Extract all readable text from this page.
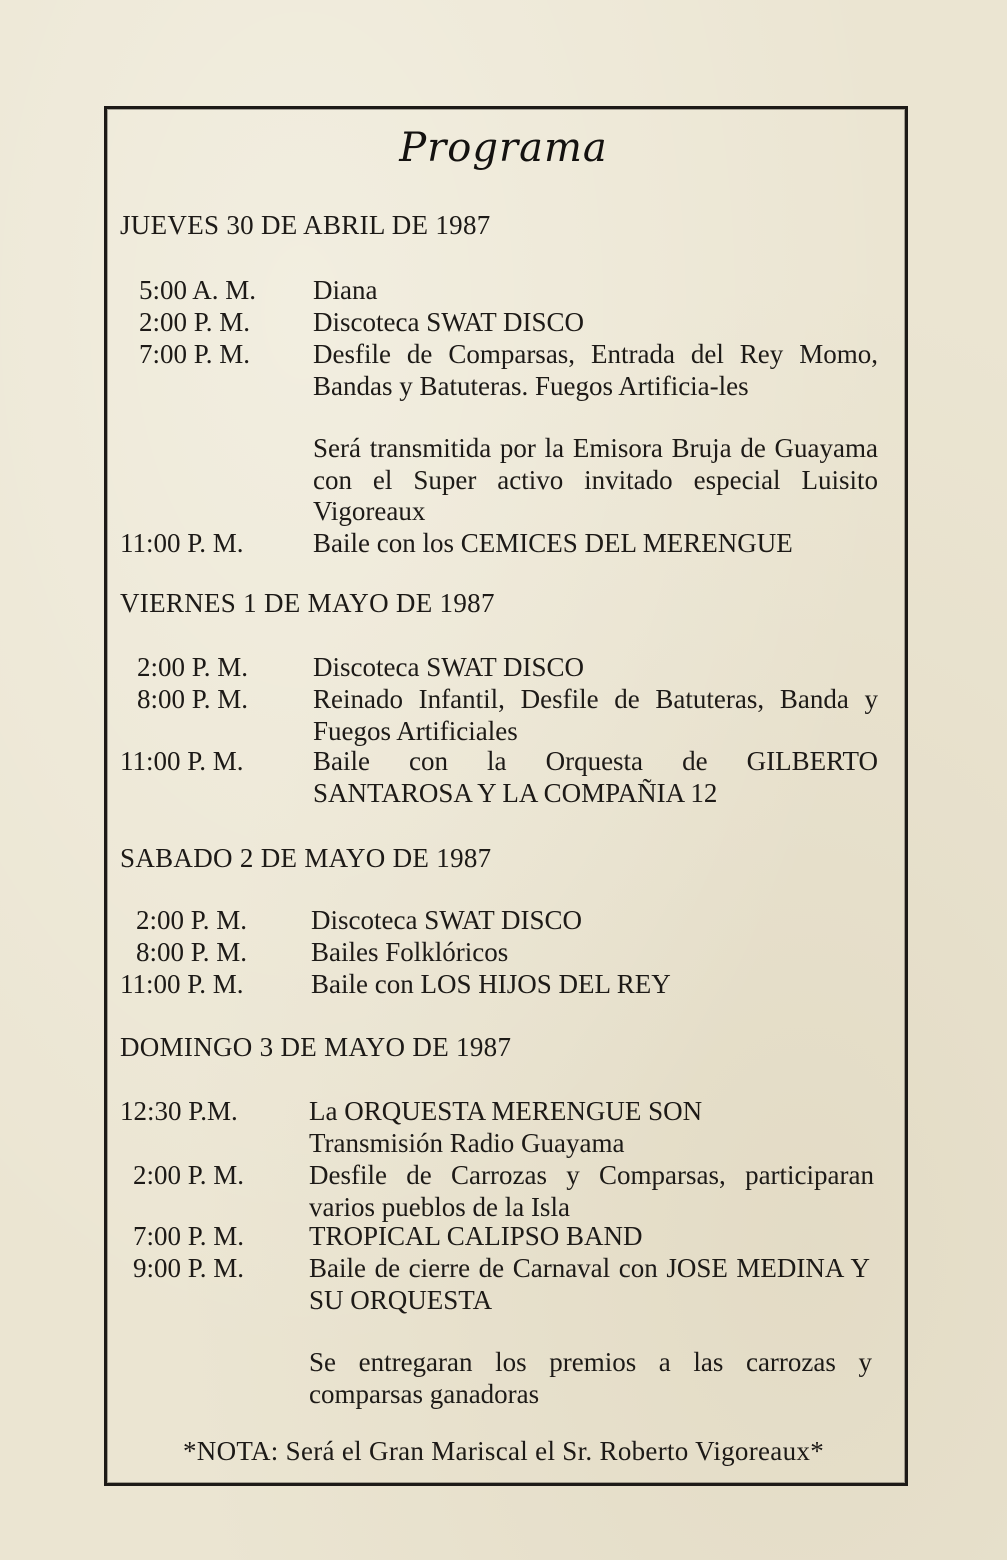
Programa
JUEVES 30 DE ABRIL DE 1987
5:00 A. M. Diana
2:00 P. M. Discoteca SWAT DISCO
7:00 P. M. Desfile de Comparsas, Entrada del Rey Momo, Bandas y Batuteras. Fuegos Artificia-les
Será transmitida por la Emisora Bruja de Guayama con el Super activo invitado especial Luisito Vigoreaux
11:00 P. M.	Baile con los CEMICES DEL MERENGUE
VIERNES 1 DE MAYO DE 1987
2:00 P. M. Discoteca SWAT DISCO
8:00 P. M. Reinado Infantil, Desfile de Batuteras, Banda y Fuegos Artificiales
11:00 P. M.	Baile con la Orquesta de GILBERTO SANTAROSA Y LA COMPAÑIA 12
SABADO 2 DE MAYO DE 1987
2:00 P. M. Discoteca SWAT DISCO
8:00 P. M. Bailes Folklóricos
11:00 P. M. Baile con LOS HIJOS DEL REY
DOMINGO 3 DE MAYO DE 1987
12:30 P.M.	La ORQUESTA MERENGUE SON
Transmisión Radio Guayama
2:00 P. M. Desfile de Carrozas y Comparsas, participaran varios pueblos de la Isla
7:00 P. M. TROPICAL CALIPSO BAND
9:00 P. M. Baile de cierre de Carnaval con JOSE MEDINA Y SU ORQUESTA
Se entregaran los premios a las carrozas y comparsas ganadoras
*NOTA: Será el Gran Mariscal el Sr. Roberto Vigoreaux*
